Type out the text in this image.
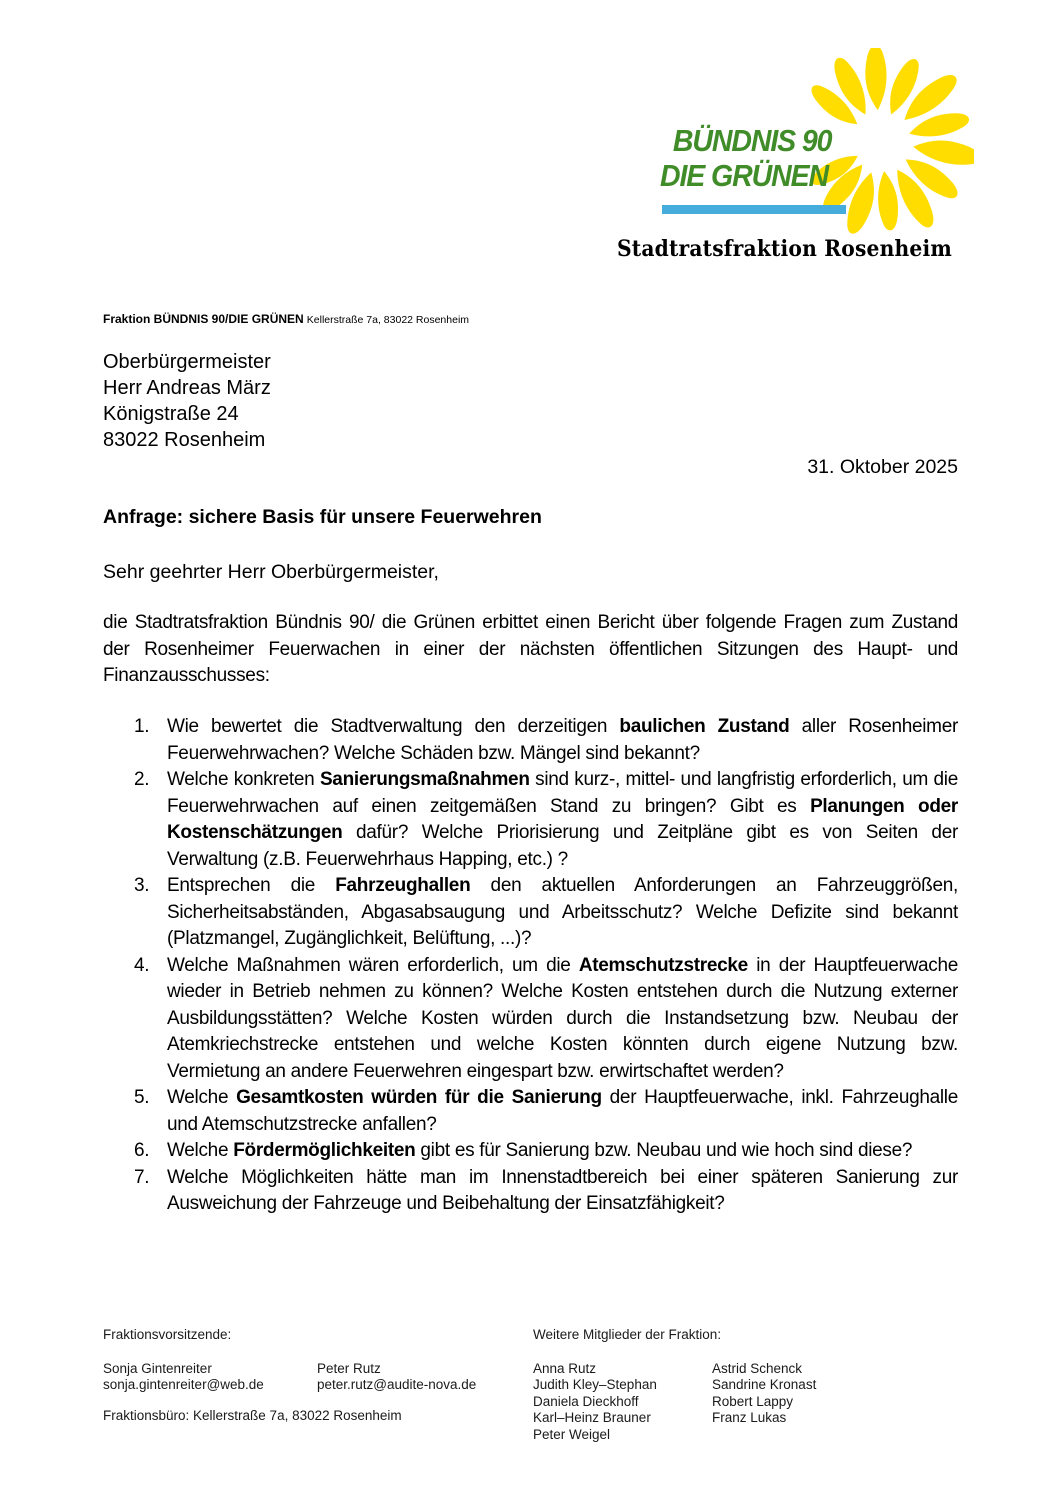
BÜNDNIS 90
DIE GRÜNEN
Stadtratsfraktion Rosenheim
Fraktion BÜNDNIS 90/DIE GRÜNEN Kellerstraße 7a, 83022 Rosenheim
Oberbürgermeister
Herr Andreas März
Königstraße 24
83022 Rosenheim
31. Oktober 2025
Anfrage: sichere Basis für unsere Feuerwehren
Sehr geehrter Herr Oberbürgermeister,
die Stadtratsfraktion Bündnis 90/ die Grünen erbittet einen Bericht über folgende Fragen zum Zustand der Rosenheimer Feuerwachen in einer der nächsten öffentlichen Sitzungen des Haupt- und Finanzausschusses:
1. Wie bewertet die Stadtverwaltung den derzeitigen baulichen Zustand aller Rosenheimer Feuerwehrwachen? Welche Schäden bzw. Mängel sind bekannt?
2. Welche konkreten Sanierungsmaßnahmen sind kurz-, mittel- und langfristig erforderlich, um die Feuerwehrwachen auf einen zeitgemäßen Stand zu bringen? Gibt es Planungen oder Kostenschätzungen dafür? Welche Priorisierung und Zeitpläne gibt es von Seiten der Verwaltung (z.B. Feuerwehrhaus Happing, etc.) ?
3. Entsprechen die Fahrzeughallen den aktuellen Anforderungen an Fahrzeuggrößen, Sicherheitsabständen, Abgasabsaugung und Arbeitsschutz? Welche Defizite sind bekannt (Platzmangel, Zugänglichkeit, Belüftung, ...)?
4. Welche Maßnahmen wären erforderlich, um die Atemschutzstrecke in der Hauptfeuerwache wieder in Betrieb nehmen zu können? Welche Kosten entstehen durch die Nutzung externer Ausbildungsstätten? Welche Kosten würden durch die Instandsetzung bzw. Neubau der Atemkriechstrecke entstehen und welche Kosten könnten durch eigene Nutzung bzw. Vermietung an andere Feuerwehren eingespart bzw. erwirtschaftet werden?
5. Welche Gesamtkosten würden für die Sanierung der Hauptfeuerwache, inkl. Fahrzeughalle und Atemschutzstrecke anfallen?
6. Welche Fördermöglichkeiten gibt es für Sanierung bzw. Neubau und wie hoch sind diese?
7. Welche Möglichkeiten hätte man im Innenstadtbereich bei einer späteren Sanierung zur Ausweichung der Fahrzeuge und Beibehaltung der Einsatzfähigkeit?
Fraktionsvorsitzende:
Sonja Gintenreiter
sonja.gintenreiter@web.de
Peter Rutz
peter.rutz@audite-nova.de
Fraktionsbüro: Kellerstraße 7a, 83022 Rosenheim
Weitere Mitglieder der Fraktion:
Anna Rutz
Judith Kley–Stephan
Daniela Dieckhoff
Karl–Heinz Brauner
Peter Weigel
Astrid Schenck
Sandrine Kronast
Robert Lappy
Franz Lukas
